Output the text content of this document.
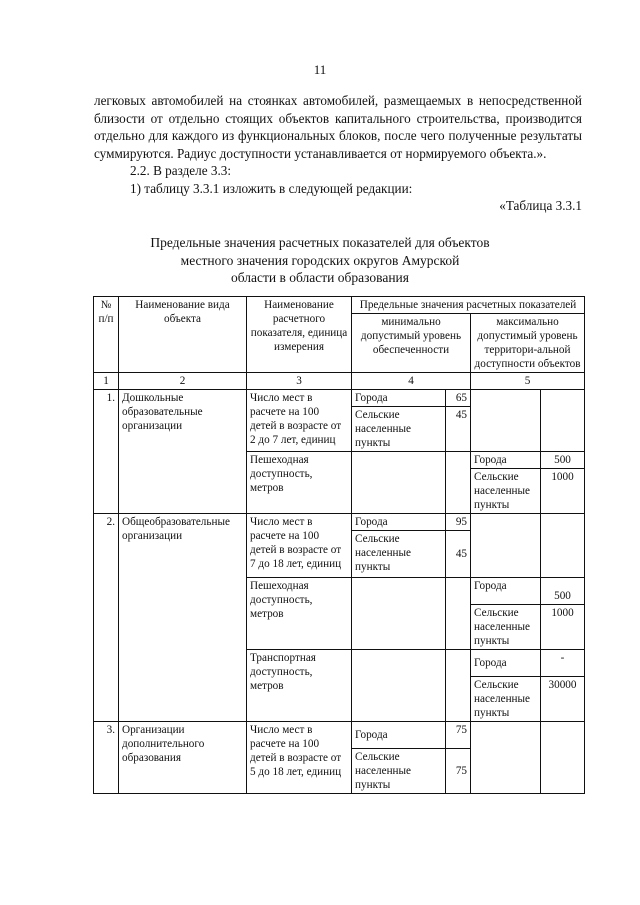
11

легковых автомобилей на стоянках автомобилей, размещаемых в непосредственной близости от отдельно стоящих объектов капитального строительства, производится отдельно для каждого из функциональных блоков, после чего полученные результаты суммируются. Радиус доступности устанавливается от нормируемого объекта.».

2.2. В разделе 3.3:

1) таблицу 3.3.1 изложить в следующей редакции:

«Таблица 3.3.1

Предельные значения расчетных показателей для объектов
местного значения городских округов Амурской
области в области образования
№ п/п	Наименование вида объекта	Наименование расчетного показателя, единица измерения	Предельные значения расчетных показателей			
			минимально допустимый уровень обеспеченности		максимально допустимый уровень территори-альной доступности объектов	
1	2	3	4		5	
1.	Дошкольные образовательные организации	Число мест в расчете на 100 детей в возрасте от 2 до 7 лет, единиц	Города	65		
			Сельские населенные пункты	45		
		Пешеходная доступность, метров			Города	500
					Сельские населенные пункты	1000
2.	Общеобразовательные организации	Число мест в расчете на 100 детей в возрасте от 7 до 18 лет, единиц	Города	95		
			Сельские населенные пункты	45		
		Пешеходная доступность, метров			Города	500
					Сельские населенные пункты	1000
		Транспортная доступность, метров			Города	-
					Сельские населенные пункты	30000
3.	Организации дополнительного образования	Число мест в расчете на 100 детей в возрасте от 5 до 18 лет, единиц	Города	75		
			Сельские населенные пункты	75		
